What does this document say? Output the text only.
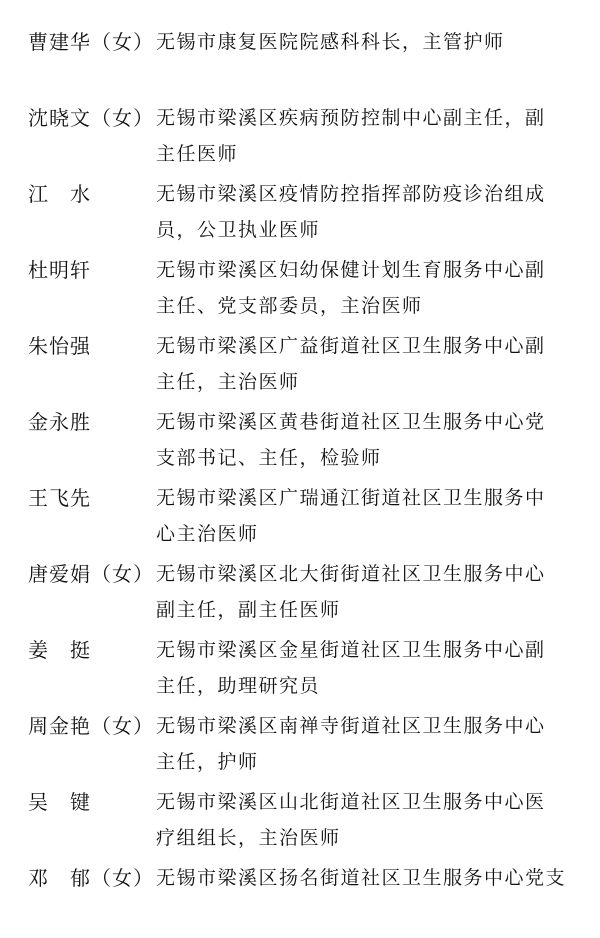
曹建华（女） 无锡市康复医院院感科科长，主管护师
沈晓文（女） 无锡市梁溪区疾病预防控制中心副主任，副
主任医师
江　水	无锡市梁溪区疫情防控指挥部防疫诊治组成
员，公卫执业医师
杜明轩	无锡市梁溪区妇幼保健计划生育服务中心副
主任、党支部委员，主治医师
朱怡强	无锡市梁溪区广益街道社区卫生服务中心副
主任，主治医师
金永胜	无锡市梁溪区黄巷街道社区卫生服务中心党
支部书记、主任，检验师
王飞先	无锡市梁溪区广瑞通江街道社区卫生服务中
心主治医师
唐爱娟（女） 无锡市梁溪区北大街街道社区卫生服务中心
副主任，副主任医师
姜　挺	无锡市梁溪区金星街道社区卫生服务中心副
主任，助理研究员
周金艳（女） 无锡市梁溪区南禅寺街道社区卫生服务中心
主任，护师
吴　键	无锡市梁溪区山北街道社区卫生服务中心医
疗组组长，主治医师
邓　郁（女） 无锡市梁溪区扬名街道社区卫生服务中心党支
